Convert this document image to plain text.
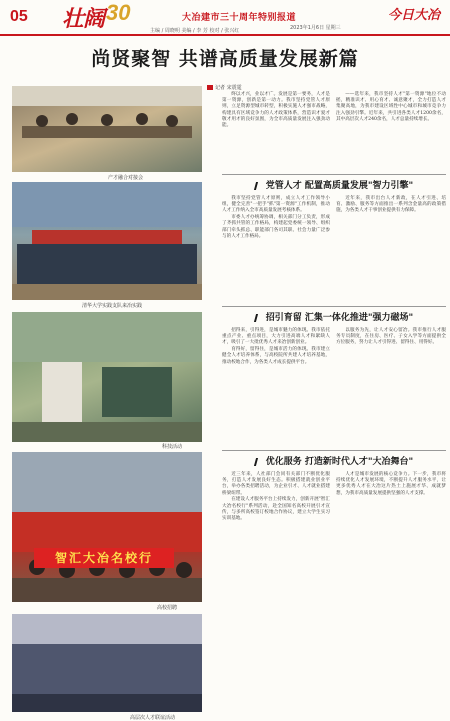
05 壮阔 30	大冶建市三十周年特别报道
主编 / 周晓明 美编 / 李 芳 校对 / 张兴红	2023年1月6日 星期三
今日大冶
尚贤聚智 共谱高质量发展新篇
记者 宋震霆
产才融合对接会
清华大学实践支队来冶实践
科技活动
智汇大冶名校行
高校招聘
高层次人才联谊活动

终以才兴，业以才广。发展是第一要务，人才是第一资源，创新是第一动力。我市坚持党管人才原则，立足资源型城市转型，积极实施人才强市战略，构建具有区域竞争力的人才政策体系，营造识才爱才敬才用才的良好氛围，为全市高质量发展注入强劲动能。

——选年来，我市坚持人才"第一资源"地位不动摇，精准识才、用心育才、诚意聚才，全力打造人才集聚高地，为我市建设区域性中心城市和城市竞争力注入强劲引擎。近年来，共引进各类人才1200余名，其中高层次人才240余名，人才总量持续增长。

党管人才 配置高质量发展"智力引擎"

我市坚持党管人才原则，成立人才工作领导小组，健全完善"一把手"抓"第一资源"工作机制，推动人才工作纳入全市高质量发展考核体系。

市委人才办统筹协调，相关部门分工负责，形成了齐抓共管的工作格局，构建起党委统一领导、组织部门牵头抓总、职能部门各司其职、社会力量广泛参与的人才工作格局。

近年来，我市出台人才新政，在人才引进、培育、激励、服务等方面推出一系列含金量高的政策措施，为各类人才干事创业提供有力保障。

招引育留 汇集一体化推进"强力磁场"

招得来，引得进，是城市魅力的体现。我市依托重点产业、重点项目，大力引进高端人才和紧缺人才，吸引了一大批优秀人才来冶创新创业。

育得好，留得住，是城市活力的体现。我市建立健全人才培养体系，与高校院所共建人才培养基地，推动校地合作，为各类人才成长提供平台。

以服务为先，让人才安心留冶。我市推行人才服务专员制度，在住房、医疗、子女入学等方面提供全方位服务，努力让人才引得进、留得住、用得好。

优化服务 打造新时代人才"大冶舞台"

近三年来，人社部门会同有关部门不断优化服务，打造人才发展良好生态。积极搭建就业创业平台，举办各类招聘活动，为企业引才、人才就业搭建桥梁纽带。

在建设人才服务平台上持续发力，创新开展"智汇大冶名校行"系列活动，赴全国知名高校开展引才宣传，与多所高校签订校地合作协议，建立大学生实习实训基地。

人才是城市发展的核心竞争力。下一步，我市将持续优化人才发展环境，不断提升人才服务水平，让更多优秀人才在大冶这片热土上施展才华、成就梦想，为我市高质量发展提供坚强的人才支撑。
